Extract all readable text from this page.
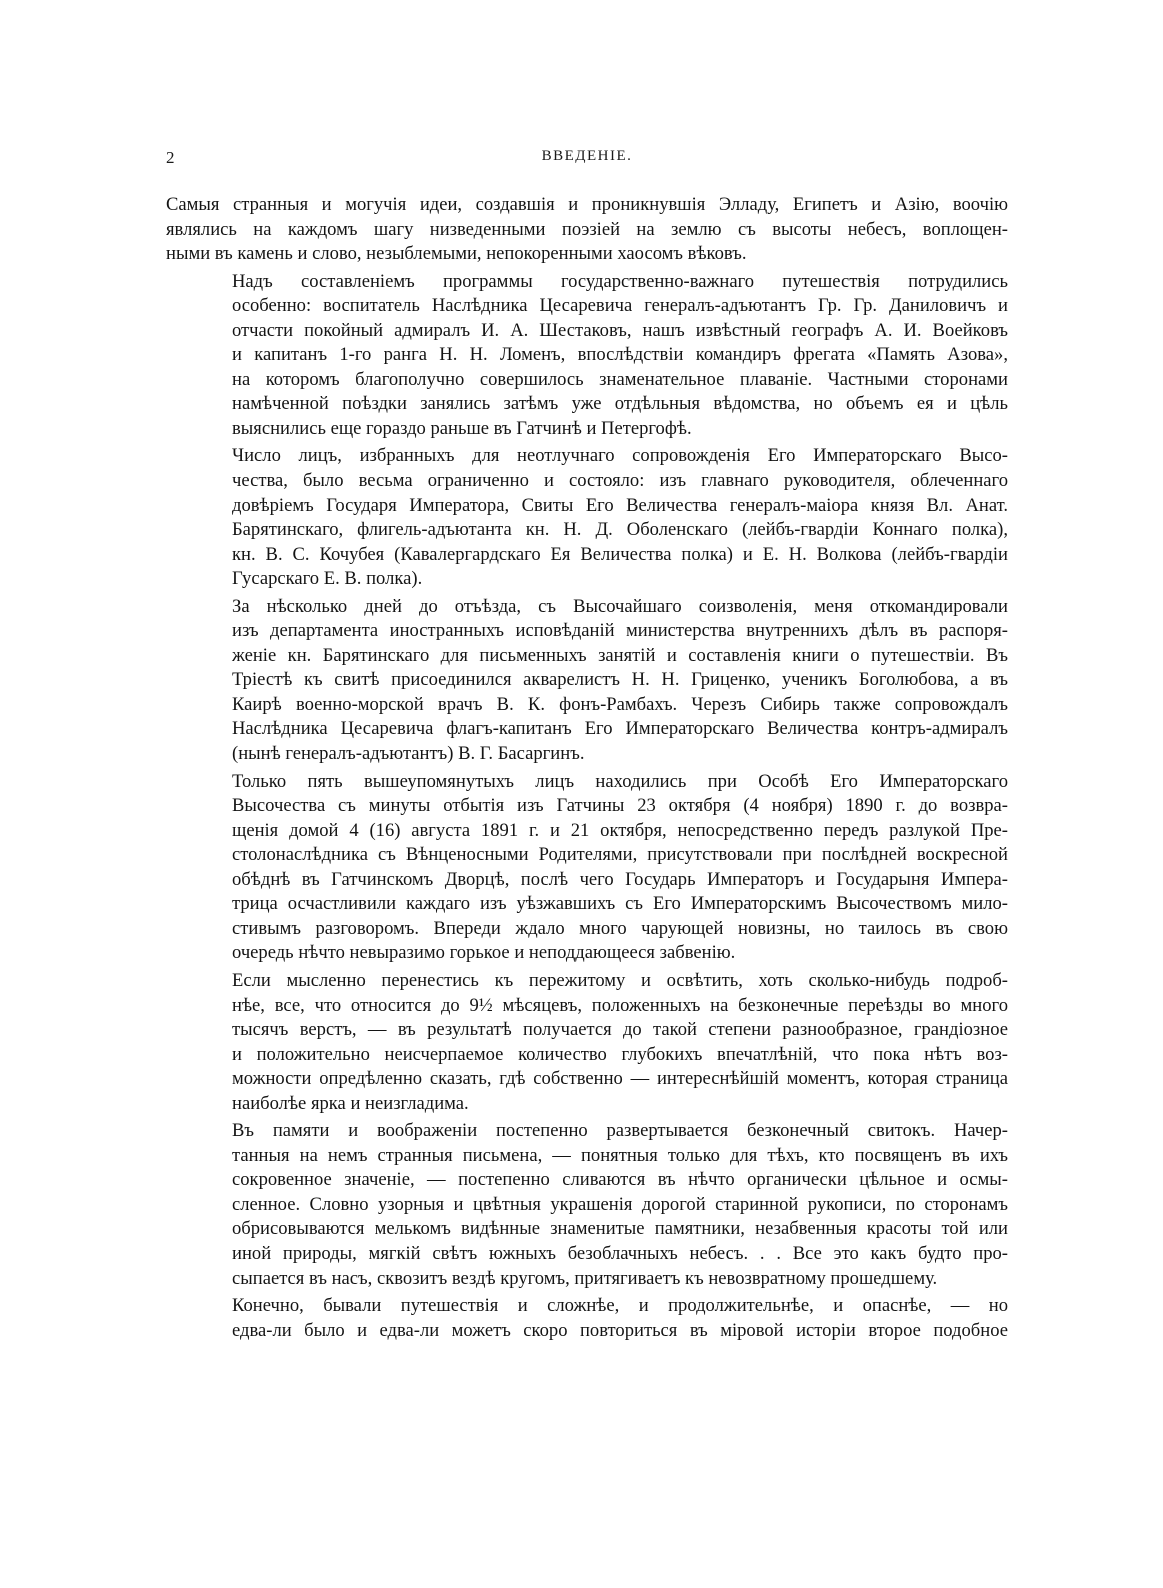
2	ВВЕДЕНIЕ.
Самыя странныя и могучія идеи, создавшія и проникнувшія Элладу, Египетъ и Азію, воочію
являлись на каждомъ шагу низведенными поэзіей на землю съ высоты небесъ, воплощен-
ными въ камень и слово, незыблемыми, непокоренными хаосомъ вѣковъ.
Надъ составленіемъ программы государственно-важнаго путешествія потрудились
особенно: воспитатель Наслѣдника Цесаревича генералъ-адъютантъ Гр. Гр. Даниловичъ и
отчасти покойный адмиралъ И. А. Шестаковъ, нашъ извѣстный географъ А. И. Воейковъ
и капитанъ 1-го ранга Н. Н. Ломенъ, впослѣдствіи командиръ фрегата «Память Азова»,
на которомъ благополучно совершилось знаменательное плаваніе. Частными сторонами
намѣченной поѣздки занялись затѣмъ уже отдѣльныя вѣдомства, но объемъ ея и цѣль
выяснились еще гораздо раньше въ Гатчинѣ и Петергофѣ.
Число лицъ, избранныхъ для неотлучнаго сопровожденія Его Императорскаго Высо-
чества, было весьма ограниченно и состояло: изъ главнаго руководителя, облеченнаго
довѣріемъ Государя Императора, Свиты Его Величества генералъ-маіора князя Вл. Анат.
Барятинскаго, флигель-адъютанта кн. Н. Д. Оболенскаго (лейбъ-гвардіи Коннаго полка),
кн. В. С. Кочубея (Кавалергардскаго Ея Величества полка) и Е. Н. Волкова (лейбъ-гвардіи
Гусарскаго Е. В. полка).
За нѣсколько дней до отъѣзда, съ Высочайшаго соизволенія, меня откомандировали
изъ департамента иностранныхъ исповѣданій министерства внутреннихъ дѣлъ въ распоря-
женіе кн. Барятинскаго для письменныхъ занятій и составленія книги о путешествіи. Въ
Тріестѣ къ свитѣ присоединился акварелистъ Н. Н. Гриценко, ученикъ Боголюбова, а въ
Каирѣ военно-морской врачъ В. К. фонъ-Рамбахъ. Черезъ Сибирь также сопровождалъ
Наслѣдника Цесаревича флагъ-капитанъ Его Императорскаго Величества контръ-адмиралъ
(нынѣ генералъ-адъютантъ) В. Г. Басаргинъ.
Только пять вышеупомянутыхъ лицъ находились при Особѣ Его Императорскаго
Высочества съ минуты отбытія изъ Гатчины 23 октября (4 ноября) 1890 г. до возвра-
щенія домой 4 (16) августа 1891 г. и 21 октября, непосредственно передъ разлукой Пре-
столонаслѣдника съ Вѣнценосными Родителями, присутствовали при послѣдней воскресной
обѣднѣ въ Гатчинскомъ Дворцѣ, послѣ чего Государь Императоръ и Государыня Импера-
трица осчастливили каждаго изъ уѣзжавшихъ съ Его Императорскимъ Высочествомъ мило-
стивымъ разговоромъ. Впереди ждало много чарующей новизны, но таилось въ свою
очередь нѣчто невыразимо горькое и неподдающееся забвенію.
Если мысленно перенестись къ пережитому и освѣтить, хоть сколько-нибудь подроб-
нѣе, все, что относится до 9½ мѣсяцевъ, положенныхъ на безконечные переѣзды во много
тысячъ верстъ, — въ результатѣ получается до такой степени разнообразное, грандіозное
и положительно неисчерпаемое количество глубокихъ впечатлѣній, что пока нѣтъ воз-
можности опредѣленно сказать, гдѣ собственно — интереснѣйшій моментъ, которая страница
наиболѣе ярка и неизгладима.
Въ памяти и воображеніи постепенно развертывается безконечный свитокъ. Начер-
танныя на немъ странныя письмена, — понятныя только для тѣхъ, кто посвященъ въ ихъ
сокровенное значеніе, — постепенно сливаются въ нѣчто органически цѣльное и осмы-
сленное. Словно узорныя и цвѣтныя украшенія дорогой старинной рукописи, по сторонамъ
обрисовываются мелькомъ видѣнные знаменитые памятники, незабвенныя красоты той или
иной природы, мягкій свѣтъ южныхъ безоблачныхъ небесъ. . . Все это какъ будто про-
сыпается въ насъ, сквозитъ вездѣ кругомъ, притягиваетъ къ невозвратному прошедшему.
Конечно, бывали путешествія и сложнѣе, и продолжительнѣе, и опаснѣе, — но
едва-ли было и едва-ли можетъ скоро повториться въ міровой исторіи второе подобное
